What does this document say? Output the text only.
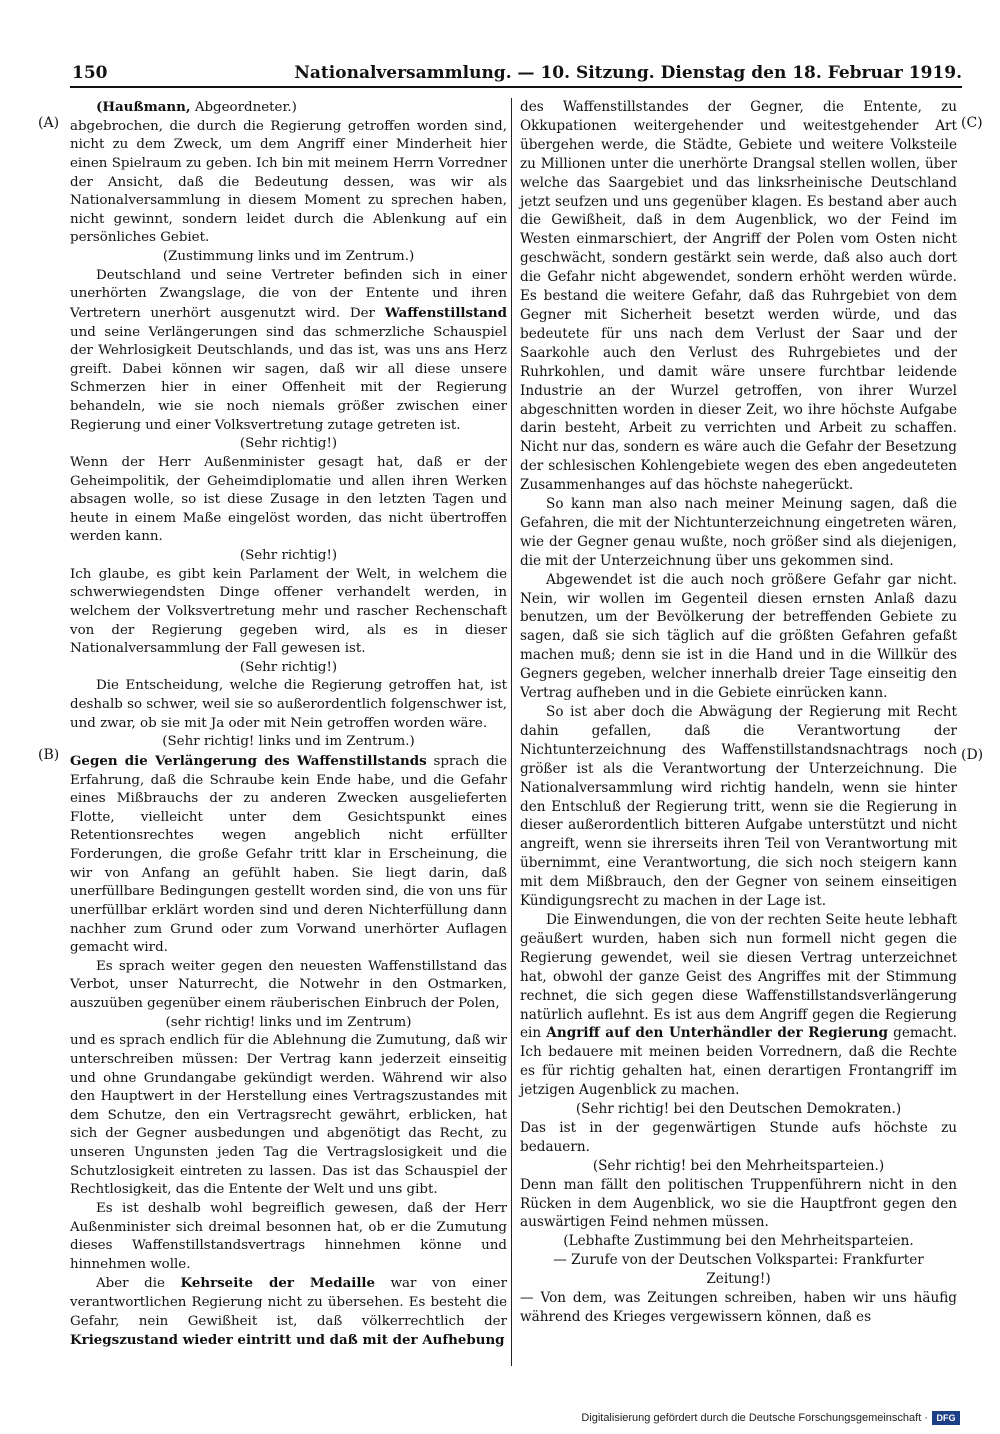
150	Nationalversammlung. — 10. Sitzung. Dienstag den 18. Februar 1919.
(A)
(B)
(C)
(D)

(Haußmann, Abgeordneter.)

abgebrochen, die durch die Regierung getroffen worden sind, nicht zu dem Zweck, um dem Angriff einer Minderheit hier einen Spielraum zu geben. Ich bin mit meinem Herrn Vorredner der Ansicht, daß die Bedeutung dessen, was wir als Nationalversammlung in diesem Moment zu sprechen haben, nicht gewinnt, sondern leidet durch die Ablenkung auf ein persönliches Gebiet.

(Zustimmung links und im Zentrum.)

Deutschland und seine Vertreter befinden sich in einer unerhörten Zwangslage, die von der Entente und ihren Vertretern unerhört ausgenutzt wird. Der Waffenstillstand und seine Verlängerungen sind das schmerzliche Schauspiel der Wehrlosigkeit Deutschlands, und das ist, was uns ans Herz greift. Dabei können wir sagen, daß wir all diese unsere Schmerzen hier in einer Offenheit mit der Regierung behandeln, wie sie noch niemals größer zwischen einer Regierung und einer Volksvertretung zutage getreten ist.

(Sehr richtig!)

Wenn der Herr Außenminister gesagt hat, daß er der Geheimpolitik, der Geheimdiplomatie und allen ihren Werken absagen wolle, so ist diese Zusage in den letzten Tagen und heute in einem Maße eingelöst worden, das nicht übertroffen werden kann.

(Sehr richtig!)

Ich glaube, es gibt kein Parlament der Welt, in welchem die schwerwiegendsten Dinge offener verhandelt werden, in welchem der Volksvertretung mehr und rascher Rechenschaft von der Regierung gegeben wird, als es in dieser Nationalversammlung der Fall gewesen ist.

(Sehr richtig!)

Die Entscheidung, welche die Regierung getroffen hat, ist deshalb so schwer, weil sie so außerordentlich folgenschwer ist, und zwar, ob sie mit Ja oder mit Nein getroffen worden wäre.

(Sehr richtig! links und im Zentrum.)

Gegen die Verlängerung des Waffenstillstands sprach die Erfahrung, daß die Schraube kein Ende habe, und die Gefahr eines Mißbrauchs der zu anderen Zwecken ausgelieferten Flotte, vielleicht unter dem Gesichtspunkt eines Retentionsrechtes wegen angeblich nicht erfüllter Forderungen, die große Gefahr tritt klar in Erscheinung, die wir von Anfang an gefühlt haben. Sie liegt darin, daß unerfüllbare Bedingungen gestellt worden sind, die von uns für unerfüllbar erklärt worden sind und deren Nichterfüllung dann nachher zum Grund oder zum Vorwand unerhörter Auflagen gemacht wird.

Es sprach weiter gegen den neuesten Waffenstillstand das Verbot, unser Naturrecht, die Notwehr in den Ostmarken, auszuüben gegenüber einem räuberischen Einbruch der Polen,

(sehr richtig! links und im Zentrum)

und es sprach endlich für die Ablehnung die Zumutung, daß wir unterschreiben müssen: Der Vertrag kann jederzeit einseitig und ohne Grundangabe gekündigt werden. Während wir also den Hauptwert in der Herstellung eines Vertragszustandes mit dem Schutze, den ein Vertragsrecht gewährt, erblicken, hat sich der Gegner ausbedungen und abgenötigt das Recht, zu unseren Ungunsten jeden Tag die Vertragslosigkeit und die Schutzlosigkeit eintreten zu lassen. Das ist das Schauspiel der Rechtlosigkeit, das die Entente der Welt und uns gibt.

Es ist deshalb wohl begreiflich gewesen, daß der Herr Außenminister sich dreimal besonnen hat, ob er die Zumutung dieses Waffenstillstandsvertrags hinnehmen könne und hinnehmen wolle.

Aber die Kehrseite der Medaille war von einer verantwortlichen Regierung nicht zu übersehen. Es besteht die Gefahr, nein Gewißheit ist, daß völkerrechtlich der Kriegszustand wieder eintritt und daß mit der Aufhebung

des Waffenstillstandes der Gegner, die Entente, zu Okkupationen weitergehender und weitestgehender Art übergehen werde, die Städte, Gebiete und weitere Volksteile zu Millionen unter die unerhörte Drangsal stellen wollen, über welche das Saargebiet und das linksrheinische Deutschland jetzt seufzen und uns gegenüber klagen. Es bestand aber auch die Gewißheit, daß in dem Augenblick, wo der Feind im Westen einmarschiert, der Angriff der Polen vom Osten nicht geschwächt, sondern gestärkt sein werde, daß also auch dort die Gefahr nicht abgewendet, sondern erhöht werden würde. Es bestand die weitere Gefahr, daß das Ruhrgebiet von dem Gegner mit Sicherheit besetzt werden würde, und das bedeutete für uns nach dem Verlust der Saar und der Saarkohle auch den Verlust des Ruhrgebietes und der Ruhrkohlen, und damit wäre unsere furchtbar leidende Industrie an der Wurzel getroffen, von ihrer Wurzel abgeschnitten worden in dieser Zeit, wo ihre höchste Aufgabe darin besteht, Arbeit zu verrichten und Arbeit zu schaffen. Nicht nur das, sondern es wäre auch die Gefahr der Besetzung der schlesischen Kohlengebiete wegen des eben angedeuteten Zusammenhanges auf das höchste nahegerückt.

So kann man also nach meiner Meinung sagen, daß die Gefahren, die mit der Nichtunterzeichnung eingetreten wären, wie der Gegner genau wußte, noch größer sind als diejenigen, die mit der Unterzeichnung über uns gekommen sind.

Abgewendet ist die auch noch größere Gefahr gar nicht. Nein, wir wollen im Gegenteil diesen ernsten Anlaß dazu benutzen, um der Bevölkerung der betreffenden Gebiete zu sagen, daß sie sich täglich auf die größten Gefahren gefaßt machen muß; denn sie ist in die Hand und in die Willkür des Gegners gegeben, welcher innerhalb dreier Tage einseitig den Vertrag aufheben und in die Gebiete einrücken kann.

So ist aber doch die Abwägung der Regierung mit Recht dahin gefallen, daß die Verantwortung der Nichtunterzeichnung des Waffenstillstandsnachtrags noch größer ist als die Verantwortung der Unterzeichnung. Die Nationalversammlung wird richtig handeln, wenn sie hinter den Entschluß der Regierung tritt, wenn sie die Regierung in dieser außerordentlich bitteren Aufgabe unterstützt und nicht angreift, wenn sie ihrerseits ihren Teil von Verantwortung mit übernimmt, eine Verantwortung, die sich noch steigern kann mit dem Mißbrauch, den der Gegner von seinem einseitigen Kündigungsrecht zu machen in der Lage ist.

Die Einwendungen, die von der rechten Seite heute lebhaft geäußert wurden, haben sich nun formell nicht gegen die Regierung gewendet, weil sie diesen Vertrag unterzeichnet hat, obwohl der ganze Geist des Angriffes mit der Stimmung rechnet, die sich gegen diese Waffenstillstandsverlängerung natürlich auflehnt. Es ist aus dem Angriff gegen die Regierung ein Angriff auf den Unterhändler der Regierung gemacht. Ich bedauere mit meinen beiden Vorrednern, daß die Rechte es für richtig gehalten hat, einen derartigen Frontangriff im jetzigen Augenblick zu machen.

(Sehr richtig! bei den Deutschen Demokraten.)

Das ist in der gegenwärtigen Stunde aufs höchste zu bedauern.

(Sehr richtig! bei den Mehrheitsparteien.)

Denn man fällt den politischen Truppenführern nicht in den Rücken in dem Augenblick, wo sie die Hauptfront gegen den auswärtigen Feind nehmen müssen.

(Lebhafte Zustimmung bei den Mehrheitsparteien.

— Zurufe von der Deutschen Volkspartei: Frankfurter Zeitung!)

— Von dem, was Zeitungen schreiben, haben wir uns häufig während des Krieges vergewissern können, daß es

Digitalisierung gefördert durch die Deutsche Forschungsgemeinschaft · DFG
